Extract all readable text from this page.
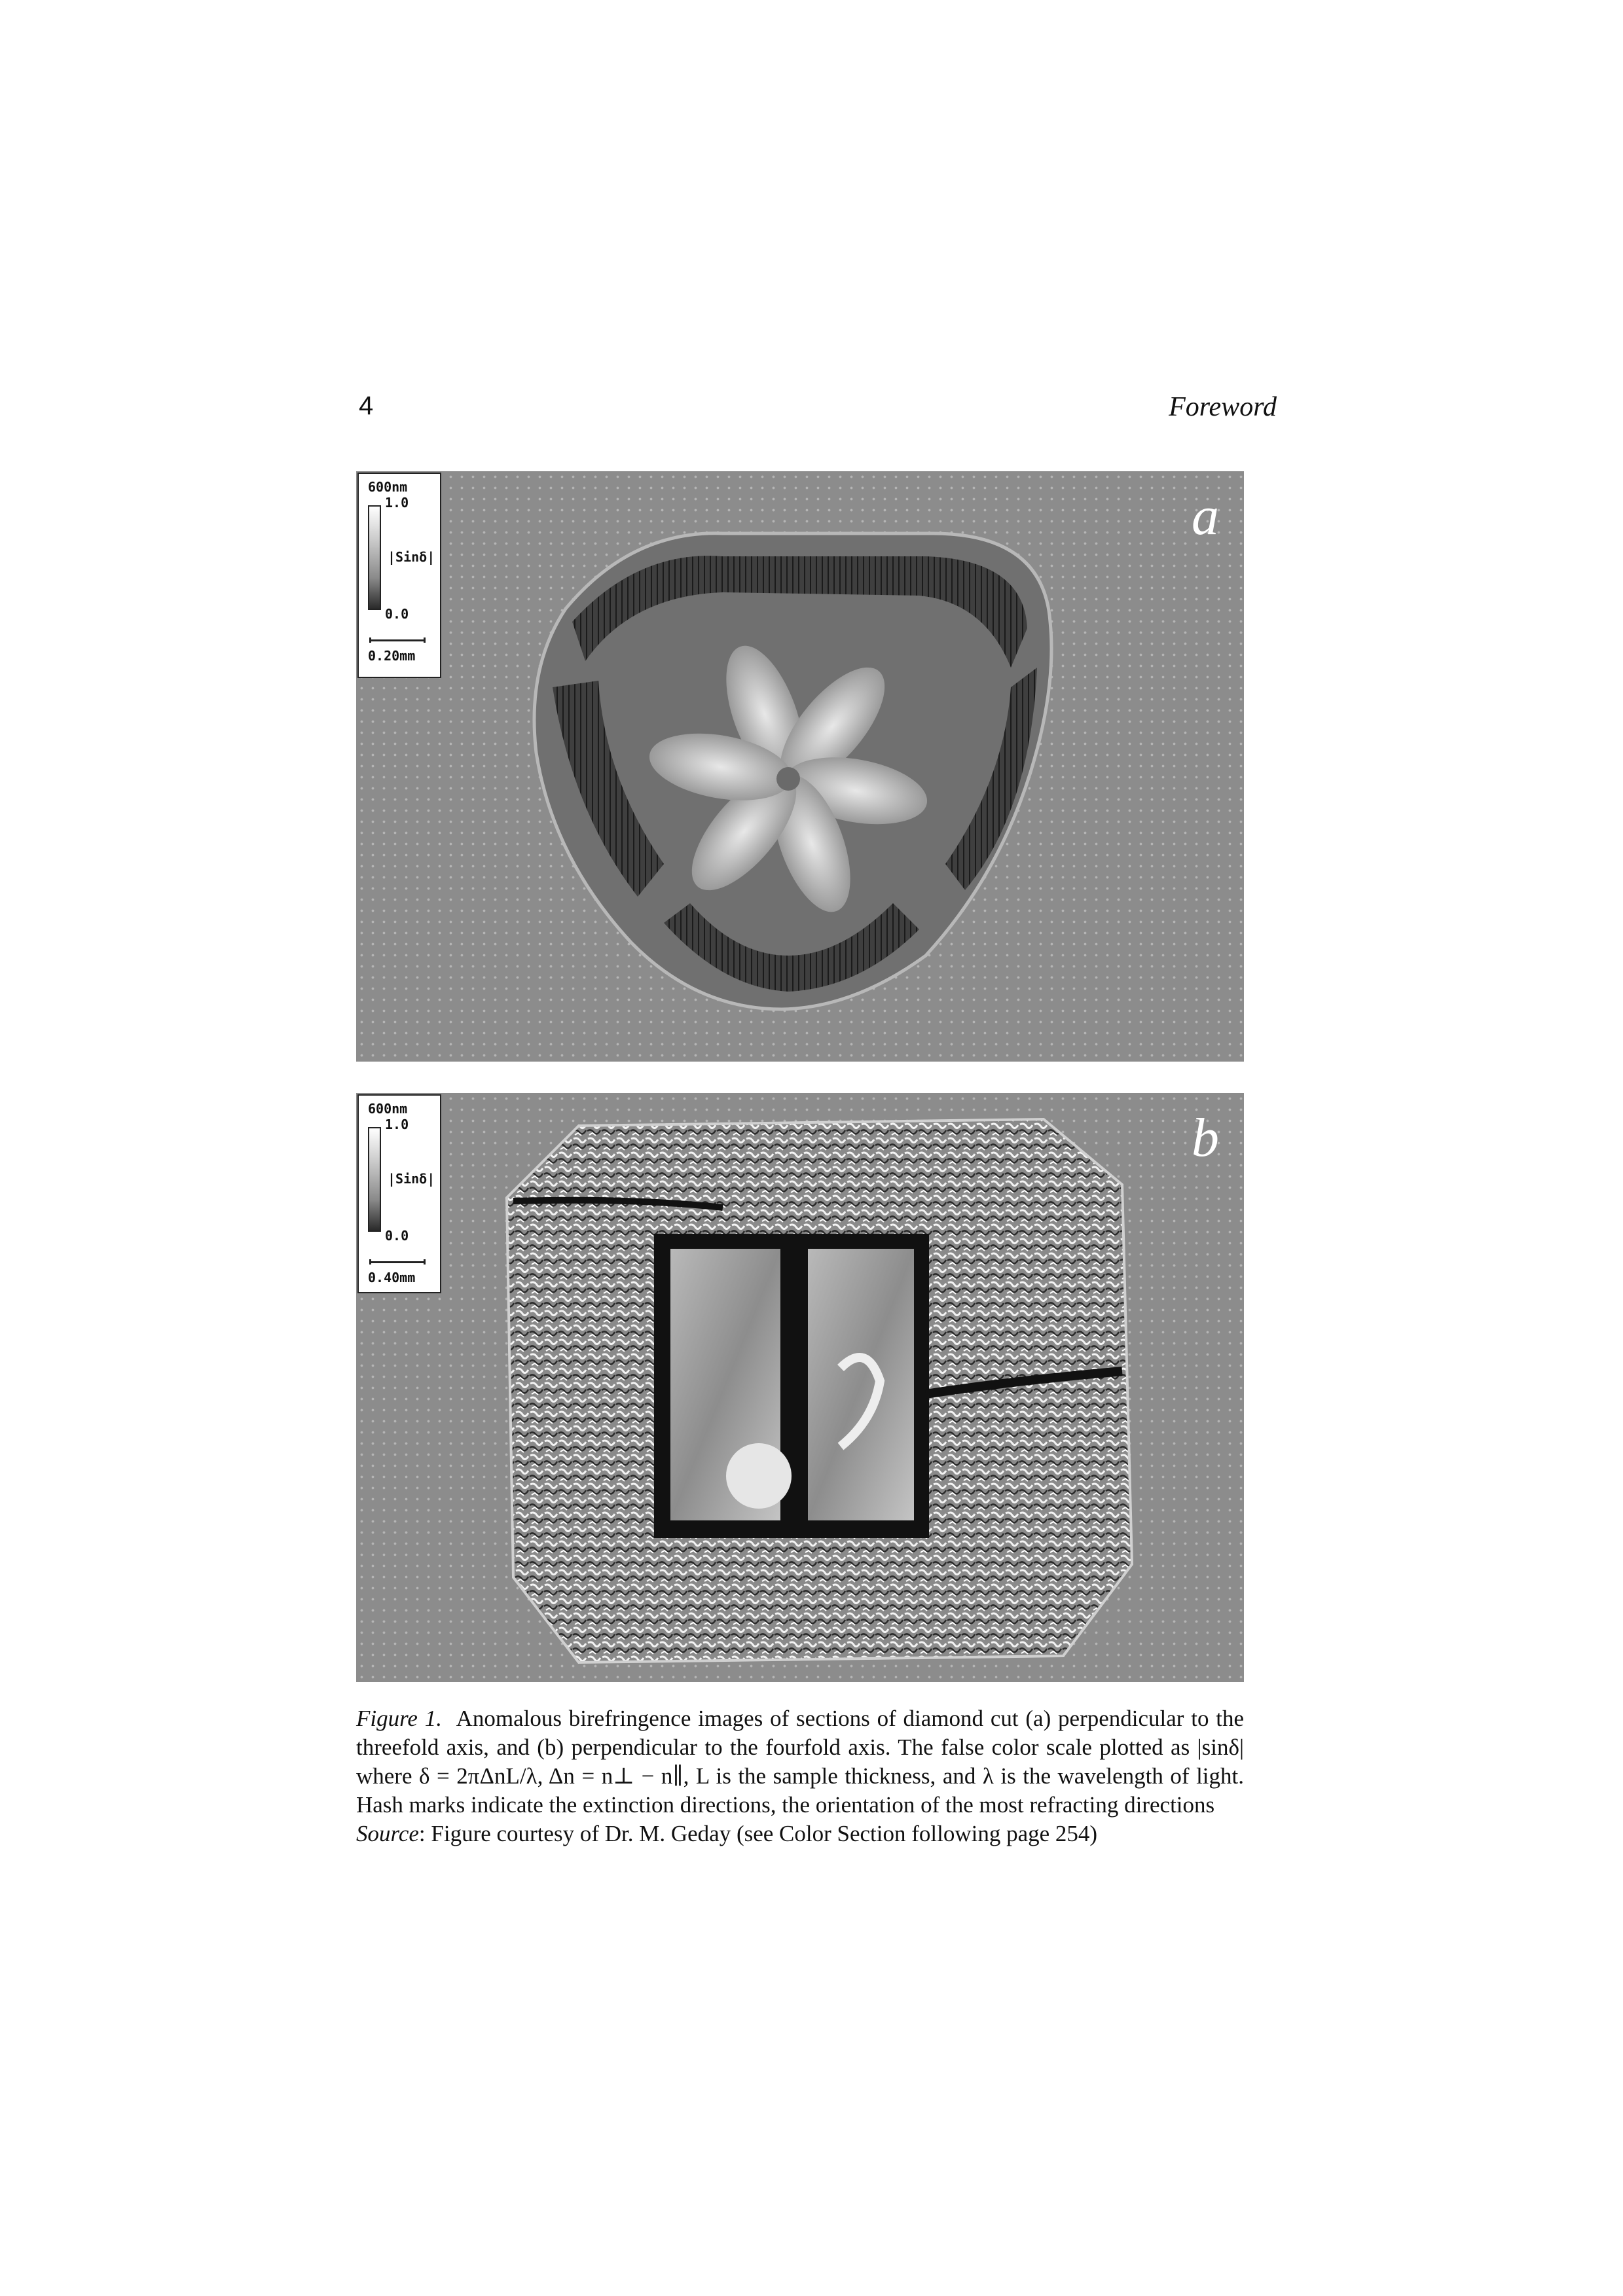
4	Foreword
a
600nm
1.0
|Sinδ|
0.0
0.20mm
b
600nm
1.0
|Sinδ|
0.0
0.40mm

Figure 1. Anomalous birefringence images of sections of diamond cut (a) perpendicular to the threefold axis, and (b) perpendicular to the fourfold axis. The false color scale plotted as |sinδ| where δ = 2πΔnL/λ, Δn = n⊥ − n∥, L is the sample thickness, and λ is the wavelength of light. Hash marks indicate the extinction directions, the orientation of the most refracting directions

Source: Figure courtesy of Dr. M. Geday (see Color Section following page 254)
